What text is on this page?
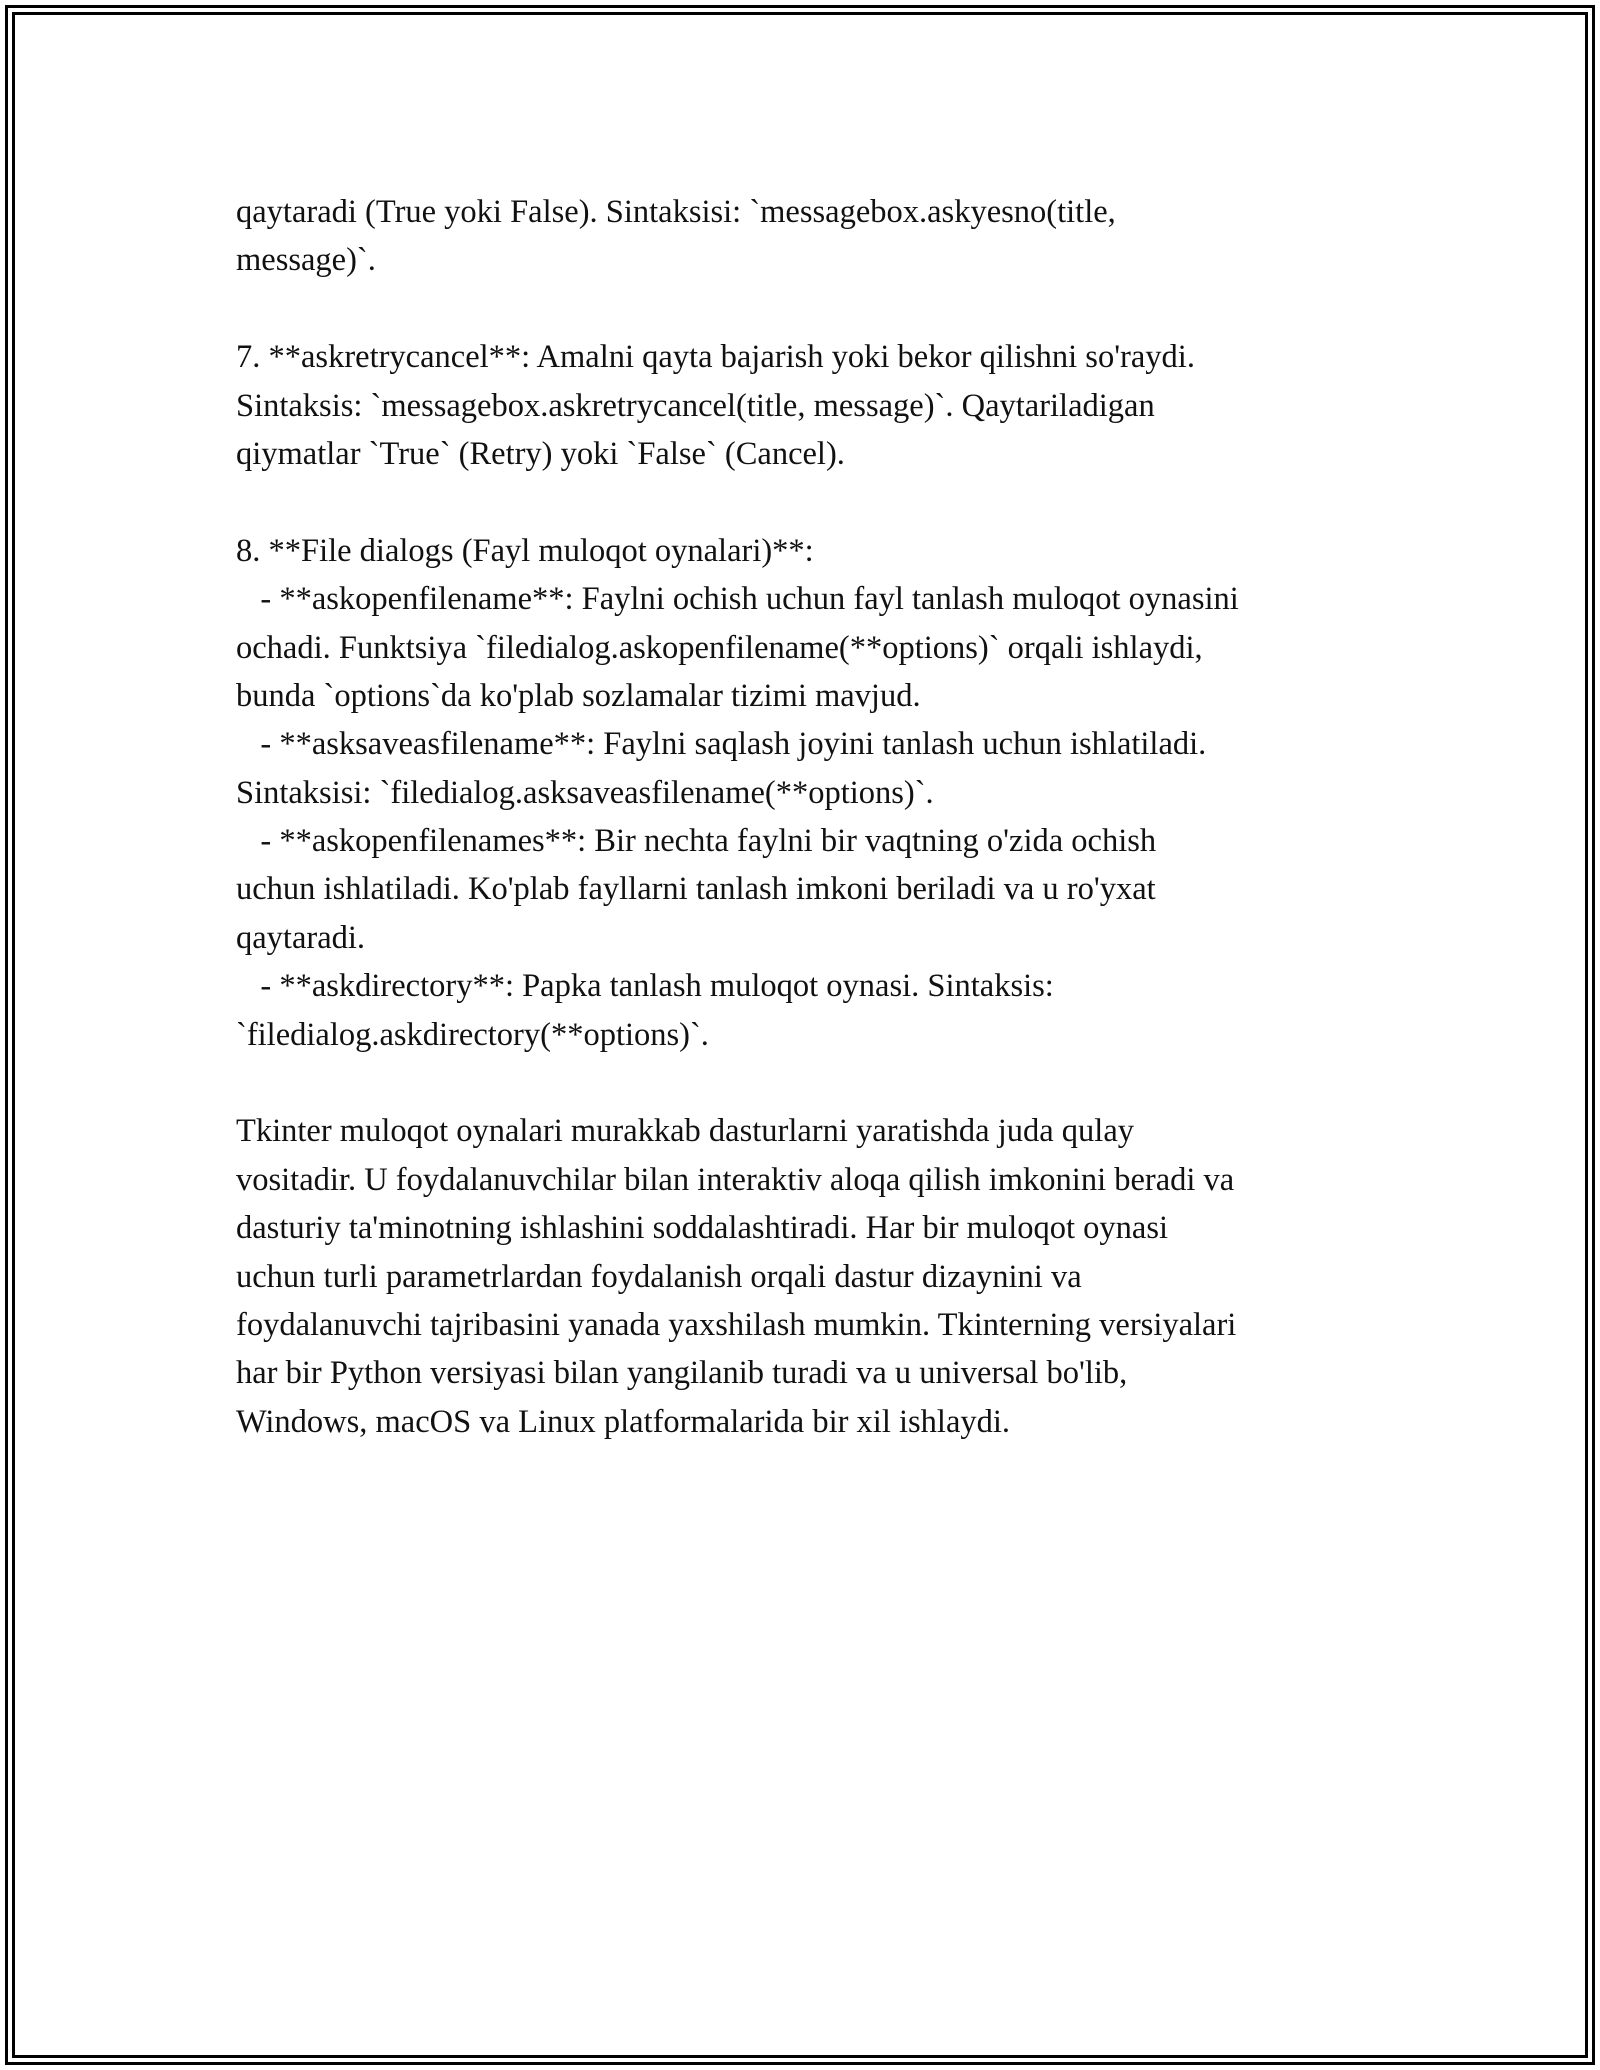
qaytaradi (True yoki False). Sintaksisi: `messagebox.askyesno(title,
message)`.
7. **askretrycancel**: Amalni qayta bajarish yoki bekor qilishni so'raydi.
Sintaksis: `messagebox.askretrycancel(title, message)`. Qaytariladigan
qiymatlar `True` (Retry) yoki `False` (Cancel).
8. **File dialogs (Fayl muloqot oynalari)**:
- **askopenfilename**: Faylni ochish uchun fayl tanlash muloqot oynasini
ochadi. Funktsiya `filedialog.askopenfilename(**options)` orqali ishlaydi,
bunda `options`da ko'plab sozlamalar tizimi mavjud.
- **asksaveasfilename**: Faylni saqlash joyini tanlash uchun ishlatiladi.
Sintaksisi: `filedialog.asksaveasfilename(**options)`.
- **askopenfilenames**: Bir nechta faylni bir vaqtning o'zida ochish
uchun ishlatiladi. Ko'plab fayllarni tanlash imkoni beriladi va u ro'yxat
qaytaradi.
- **askdirectory**: Papka tanlash muloqot oynasi. Sintaksis:
`filedialog.askdirectory(**options)`.
Tkinter muloqot oynalari murakkab dasturlarni yaratishda juda qulay
vositadir. U foydalanuvchilar bilan interaktiv aloqa qilish imkonini beradi va
dasturiy ta'minotning ishlashini soddalashtiradi. Har bir muloqot oynasi
uchun turli parametrlardan foydalanish orqali dastur dizaynini va
foydalanuvchi tajribasini yanada yaxshilash mumkin. Tkinterning versiyalari
har bir Python versiyasi bilan yangilanib turadi va u universal bo'lib,
Windows, macOS va Linux platformalarida bir xil ishlaydi.
